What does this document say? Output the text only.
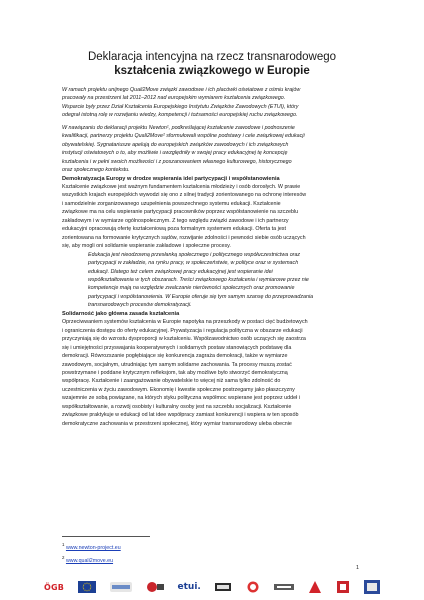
Deklaracja intencyjna na rzecz transnarodowego
kształcenia związkowego w Europie

W ramach projektu unijnego Quali2Move związki zawodowe i ich placówki oświatowe z ośmiu krajów

pracowały na przestrzeni lat 2011–2012 nad europejskim wymiarem kształcenia związkowego.

Wsparcie były przez Dział Kształcenia Europejskiego Instytutu Związków Zawodowych (ETUI), który

odegrał istotną rolę w rozwijaniu wiedzy, kompetencji i tożsamości europejskiej ruchu związkowego.

W nawiązaniu do deklaracji projektu Newton¹, podkreślającej kształcenie zawodowe i podnoszenie

kwalifikacji, partnerzy projektu Quali2Move² sformułowali wspólne podstawy i cele związkowej edukacji

obywatelskiej. Sygnatariusze apelują do europejskich związków zawodowych i ich związkowych

instytucji oświatowych o to, aby możliwie i uwzględniły w swojej pracy edukacyjnej tę koncepcję

kształcenia i w pełni swoich możliwości i z poszanowaniem własnego kulturowego, historycznego

oraz społecznego kontekstu.

Demokratyzacja Europy w drodze wspierania idei partycypacji i współstanowienia

Kształcenie związkowe jest ważnym fundamentem kształcenia młodzieży i osób dorosłych. W prawie

wszystkich krajach europejskich wywodzi się ono z silnej tradycji zorientowanego na ochronę interesów

i samodzielnie zorganizowanego uzupełnienia powszechnego systemu edukacji. Kształcenie

związkowe ma na celu wspieranie partycypacji pracowników poprzez współstanowienie na szczeblu

zakładowym i w wymiarze ogólnospołecznym. Z tego względu związki zawodowe i ich partnerzy

edukacyjni opracowują ofertę kształceniową poza formalnym systemem edukacji. Oferta ta jest

zorientowana na formowanie krytycznych sądów, rozwijanie zdolności i pewności siebie osób uczących

się, aby mogli oni solidarnie wspieranie zakładowe i społeczne procesy.

Edukacja jest nieodzowną przesłanką społecznego i politycznego współuczestnictwa oraz

partycypacji w zakładzie, na rynku pracy, w społeczeństwie, w polityce oraz w systemach

edukacji. Dlatego też celem związkowej pracy edukacyjnej jest wspieranie idei

współkształtowania w tych obszarach. Treści związkowego kształcenia i wymiarowe przez nie

kompetencje mają na względzie zwalczanie nierówności społecznych oraz promowanie

partycypacji i współstanowienia. W Europie oferuje się tym samym szansę do przeprowadzania

transnarodowych procesów demokratyzacji.

Solidarność jako główna zasada kształcenia

Oprzeciwwaniem systemów kształcenia w Europie napotyka na przeszkody w postaci cięć budżetowych

i ograniczenia dostępu do oferty edukacyjnej. Prywatyzacja i regulacja polityczna w obszarze edukacji

przyczyniają się do wzrostu dysproporcji w kształceniu. Współzawodnictwo osób uczących się zaostrza

się i umiejętności przyswajania kooperatywnych i solidarnych postaw stanowiących podstawę dla

demokracji. Rówrozszanie pogłębiające się konkurencja zagraża demokracji, także w wymiarze

zawodowym, socjalnym, utrudniając tym samym solidarne zachowania. Ta procesy muszą zostać

powstrzymane i poddane krytycznym refleksjom, tak aby możliwe było stworzyć demokratyczną

współpracę. Kształcenie i zaangażowanie obywatelskie to więcej niż sama tylko zdolność do

uczestniczenia w życiu zawodowym. Ekonomię i kwestie społeczne postrzegamy jako płaszczyzny

wzajemnie ze sobą powiązane, na których styku polityczna współmoc wspierane jest poprzez uddeł i

współkształtowanie, a rozwój osobisty i kulturalny osoby jest na szczeblu socjalizacji. Kształcenie

związkowe praktykuje w edukacji od lat idee współpracy zamiast konkurencji i wspiera w ten sposób

demokratyczne zachowania w przestrzeni społecznej, który wymiar transnarodowy uleba obecnie

$^1$ www.newton-project.eu
$^2$ www.quali2move.eu
1
ÖGB	etui.
